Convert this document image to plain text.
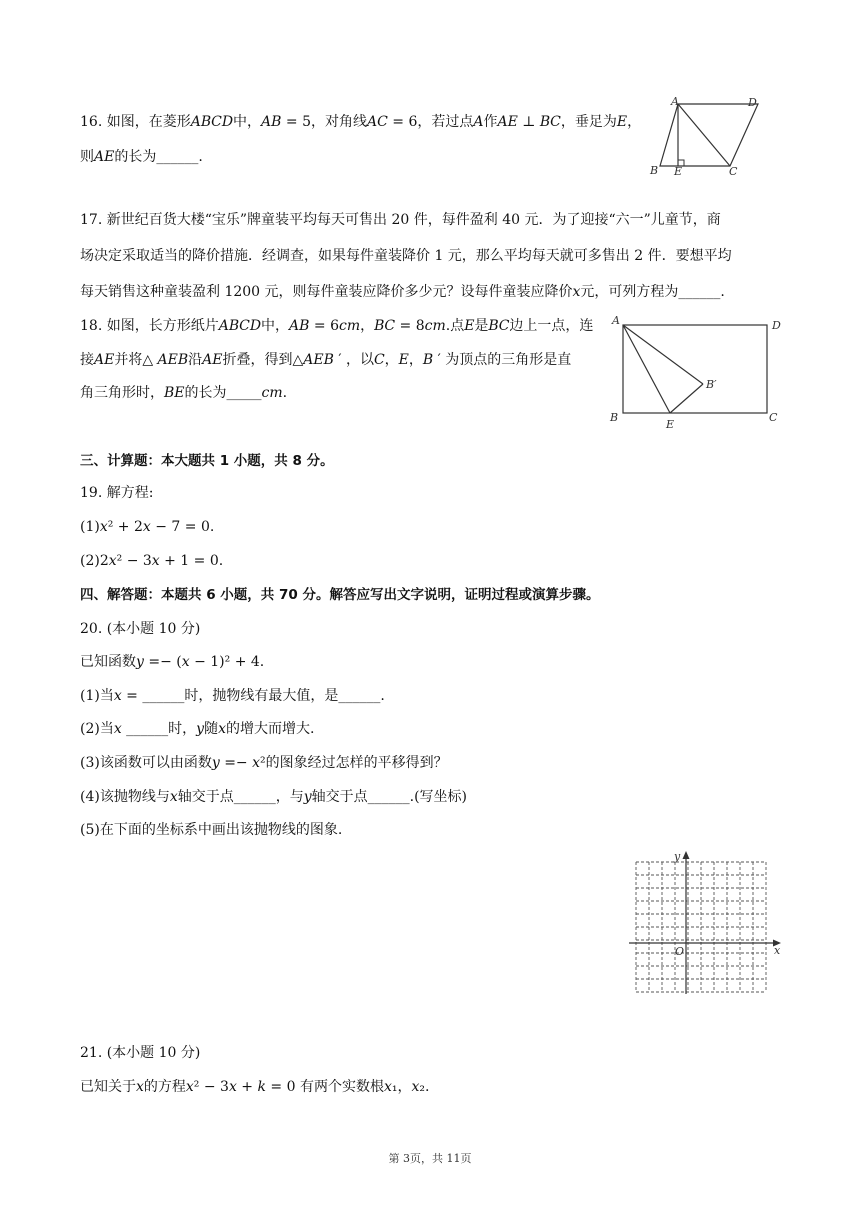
16. 如图，在菱形𝐴𝐵𝐶𝐷中，𝐴𝐵 = 5，对角线𝐴𝐶 = 6，若过点𝐴作𝐴𝐸 ⊥ 𝐵𝐶，垂足为𝐸，
则𝐴𝐸的长为______.
A	D
B E	C
17. 新世纪百货大楼“宝乐”牌童装平均每天可售出 20 件，每件盈利 40 元．为了迎接“六一”儿童节，商
场决定采取适当的降价措施．经调查，如果每件童装降价 1 元，那么平均每天就可多售出 2 件．要想平均
每天销售这种童装盈利 1200 元，则每件童装应降价多少元？设每件童装应降价𝑥元，可列方程为______.
18. 如图，长方形纸片𝐴𝐵𝐶𝐷中，𝐴𝐵 = 6𝑐𝑚，𝐵𝐶 = 8𝑐𝑚.点𝐸是𝐵𝐶边上一点，连
接𝐴𝐸并将△ 𝐴𝐸𝐵沿𝐴𝐸折叠，得到△𝐴𝐸𝐵 ′ ，以𝐶，𝐸，𝐵 ′ 为顶点的三角形是直
角三角形时，𝐵𝐸的长为_____𝑐𝑚.
A	D
B
E
C
B′
三、计算题：本大题共 1 小题，共 8 分。
19. 解方程:
(1)𝑥² + 2𝑥 − 7 = 0.
(2)2𝑥² − 3𝑥 + 1 = 0.
四、解答题：本题共 6 小题，共 70 分。解答应写出文字说明，证明过程或演算步骤。
20. (本小题 10 分)
已知函数𝑦 =− (𝑥 − 1)² + 4.
(1)当𝑥 = ______时，抛物线有最大值，是______.
(2)当𝑥 ______时，𝑦随𝑥的增大而增大.
(3)该函数可以由函数𝑦 =− 𝑥²的图象经过怎样的平移得到？
(4)该抛物线与𝑥轴交于点______，与𝑦轴交于点______.(写坐标)
(5)在下面的坐标系中画出该抛物线的图象.
x
y
O
21. (本小题 10 分)
已知关于𝑥的方程𝑥² − 3𝑥 + 𝑘 = 0 有两个实数根𝑥₁，𝑥₂.
第 3页，共 11页
